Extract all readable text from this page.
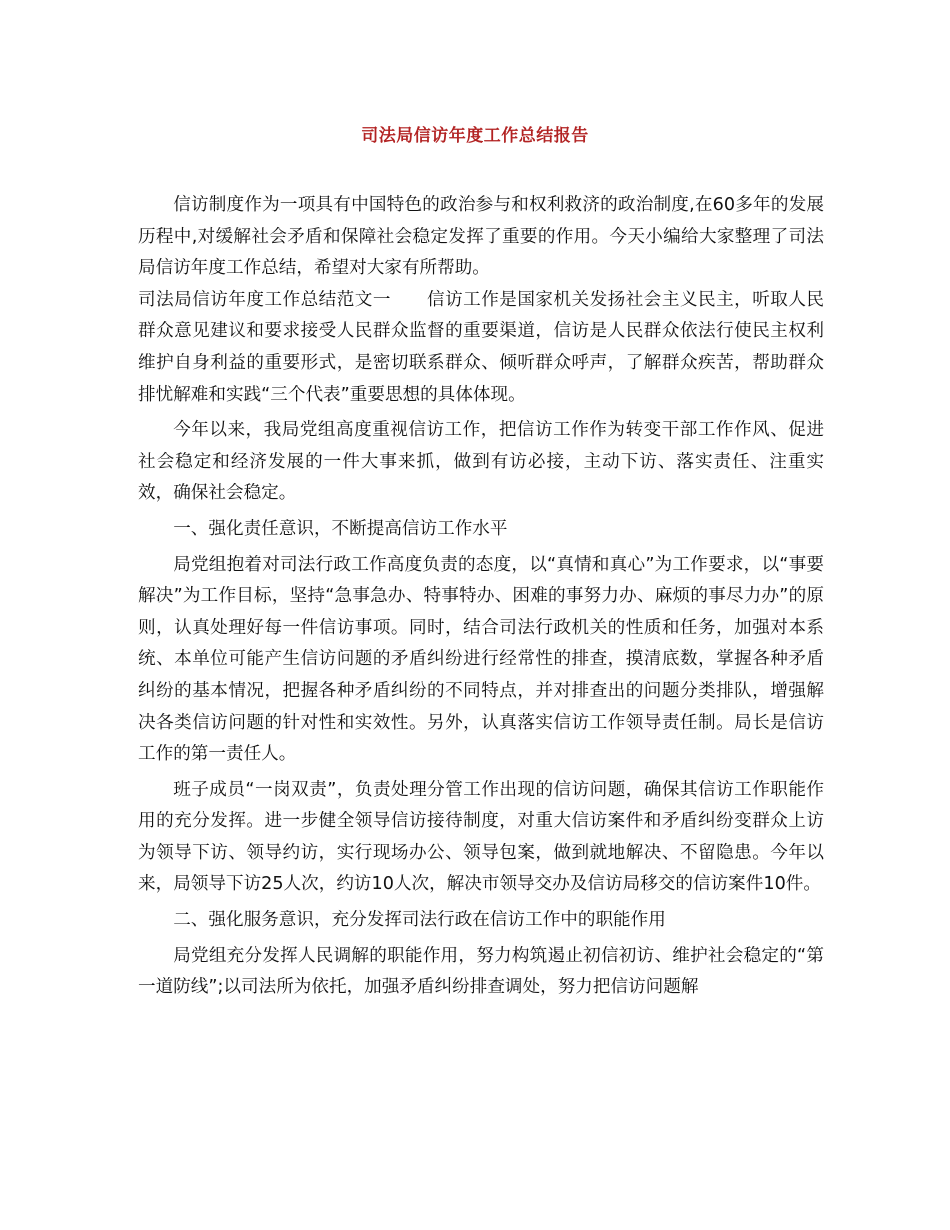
司法局信访年度工作总结报告

信访制度作为一项具有中国特色的政治参与和权利救济的政治制度,在60多年的发展历程中,对缓解社会矛盾和保障社会稳定发挥了重要的作用。今天小编给大家整理了司法局信访年度工作总结，希望对大家有所帮助。

司法局信访年度工作总结范文一　　信访工作是国家机关发扬社会主义民主，听取人民群众意见建议和要求接受人民群众监督的重要渠道，信访是人民群众依法行使民主权利维护自身利益的重要形式，是密切联系群众、倾听群众呼声，了解群众疾苦，帮助群众排忧解难和实践“三个代表”重要思想的具体体现。

今年以来，我局党组高度重视信访工作，把信访工作作为转变干部工作作风、促进社会稳定和经济发展的一件大事来抓，做到有访必接，主动下访、落实责任、注重实效，确保社会稳定。

一、强化责任意识，不断提高信访工作水平

局党组抱着对司法行政工作高度负责的态度，以“真情和真心”为工作要求，以“事要解决”为工作目标，坚持“急事急办、特事特办、困难的事努力办、麻烦的事尽力办”的原则，认真处理好每一件信访事项。同时，结合司法行政机关的性质和任务，加强对本系统、本单位可能产生信访问题的矛盾纠纷进行经常性的排查，摸清底数，掌握各种矛盾纠纷的基本情况，把握各种矛盾纠纷的不同特点，并对排查出的问题分类排队，增强解决各类信访问题的针对性和实效性。另外，认真落实信访工作领导责任制。局长是信访工作的第一责任人。

班子成员“一岗双责”，负责处理分管工作出现的信访问题，确保其信访工作职能作用的充分发挥。进一步健全领导信访接待制度，对重大信访案件和矛盾纠纷变群众上访为领导下访、领导约访，实行现场办公、领导包案，做到就地解决、不留隐患。今年以来，局领导下访25人次，约访10人次，解决市领导交办及信访局移交的信访案件10件。

二、强化服务意识，充分发挥司法行政在信访工作中的职能作用

局党组充分发挥人民调解的职能作用，努力构筑遏止初信初访、维护社会稳定的“第一道防线”;以司法所为依托，加强矛盾纠纷排查调处，努力把信访问题解
